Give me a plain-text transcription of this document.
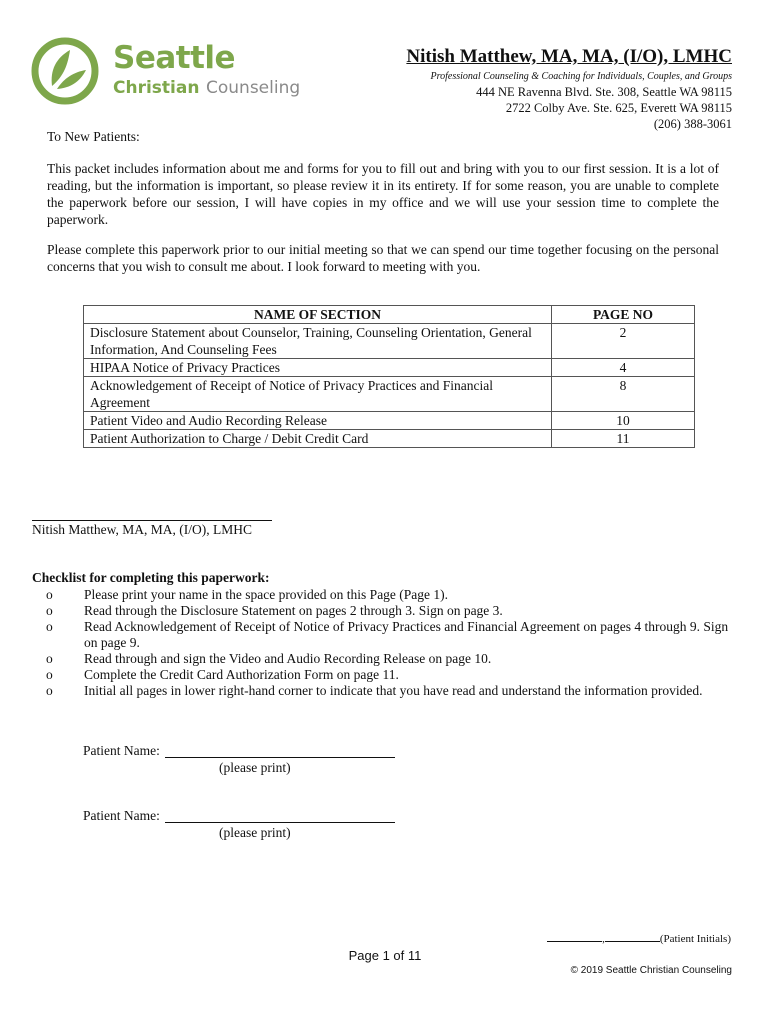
Seattle
Christian Counseling
Nitish Matthew, MA, MA, (I/O), LMHC
Professional Counseling & Coaching for Individuals, Couples, and Groups
444 NE Ravenna Blvd. Ste. 308, Seattle WA 98115
2722 Colby Ave. Ste. 625, Everett WA 98115
(206) 388-3061
To New Patients:
This packet includes information about me and forms for you to fill out and bring with you to our first session. It is a lot of reading, but the information is important, so please review it in its entirety. If for some reason, you are unable to complete the paperwork before our session, I will have copies in my office and we will use your session time to complete the paperwork.
Please complete this paperwork prior to our initial meeting so that we can spend our time together focusing on the personal concerns that you wish to consult me about. I look forward to meeting with you.
NAME OF SECTION	PAGE NO
Disclosure Statement about Counselor, Training, Counseling Orientation, General Information, And Counseling Fees	2
HIPAA Notice of Privacy Practices	4
Acknowledgement of Receipt of Notice of Privacy Practices and Financial Agreement	8
Patient Video and Audio Recording Release	10
Patient Authorization to Charge / Debit Credit Card	11
Nitish Matthew, MA, MA, (I/O), LMHC
Checklist for completing this paperwork:
o Please print your name in the space provided on this Page (Page 1).
o Read through the Disclosure Statement on pages 2 through 3. Sign on page 3.
o Read Acknowledgement of Receipt of Notice of Privacy Practices and Financial Agreement on pages 4 through 9. Sign on page 9.
o Read through and sign the Video and Audio Recording Release on page 10.
o Complete the Credit Card Authorization Form on page 11.
o Initial all pages in lower right-hand corner to indicate that you have read and understand the information provided.
Patient Name:
(please print)
Patient Name:
(please print)
,	(Patient Initials)
Page 1 of 11
© 2019 Seattle Christian Counseling
